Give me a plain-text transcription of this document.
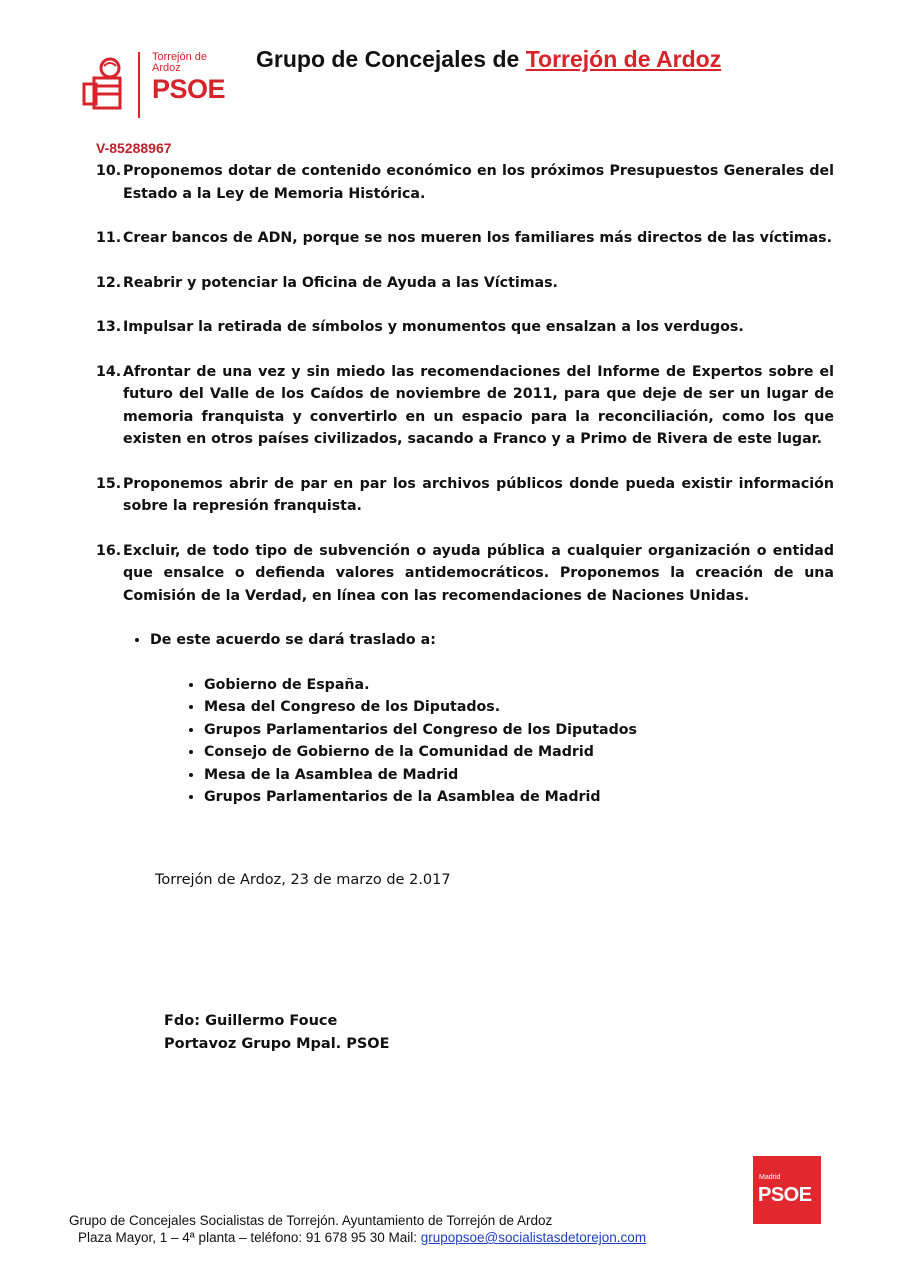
Torrejón de Ardoz
PSOE
Grupo de Concejales de Torrejón de Ardoz
V-85288967
10. Proponemos dotar de contenido económico en los próximos Presupuestos Generales del Estado a la Ley de Memoria Histórica.
11. Crear bancos de ADN, porque se nos mueren los familiares más directos de las víctimas.
12. Reabrir y potenciar la Oficina de Ayuda a las Víctimas.
13. Impulsar la retirada de símbolos y monumentos que ensalzan a los verdugos.
14. Afrontar de una vez y sin miedo las recomendaciones del Informe de Expertos sobre el futuro del Valle de los Caídos de noviembre de 2011, para que deje de ser un lugar de memoria franquista y convertirlo en un espacio para la reconciliación, como los que existen en otros países civilizados, sacando a Franco y a Primo de Rivera de este lugar.
15. Proponemos abrir de par en par los archivos públicos donde pueda existir información sobre la represión franquista.
16. Excluir, de todo tipo de subvención o ayuda pública a cualquier organización o entidad que ensalce o defienda valores antidemocráticos. Proponemos la creación de una Comisión de la Verdad, en línea con las recomendaciones de Naciones Unidas.
• De este acuerdo se dará traslado a:
• Gobierno de España.
• Mesa del Congreso de los Diputados.
• Grupos Parlamentarios del Congreso de los Diputados
• Consejo de Gobierno de la Comunidad de Madrid
• Mesa de la Asamblea de Madrid
• Grupos Parlamentarios de la Asamblea de Madrid
Torrejón de Ardoz, 23 de marzo de 2.017
Fdo: Guillermo Fouce
Portavoz Grupo Mpal. PSOE
Madrid
PSOE
Grupo de Concejales Socialistas de Torrejón. Ayuntamiento de Torrejón de Ardoz
Plaza Mayor, 1 – 4ª planta – teléfono: 91 678 95 30 Mail: grupopsoe@socialistasdetorejon.com
